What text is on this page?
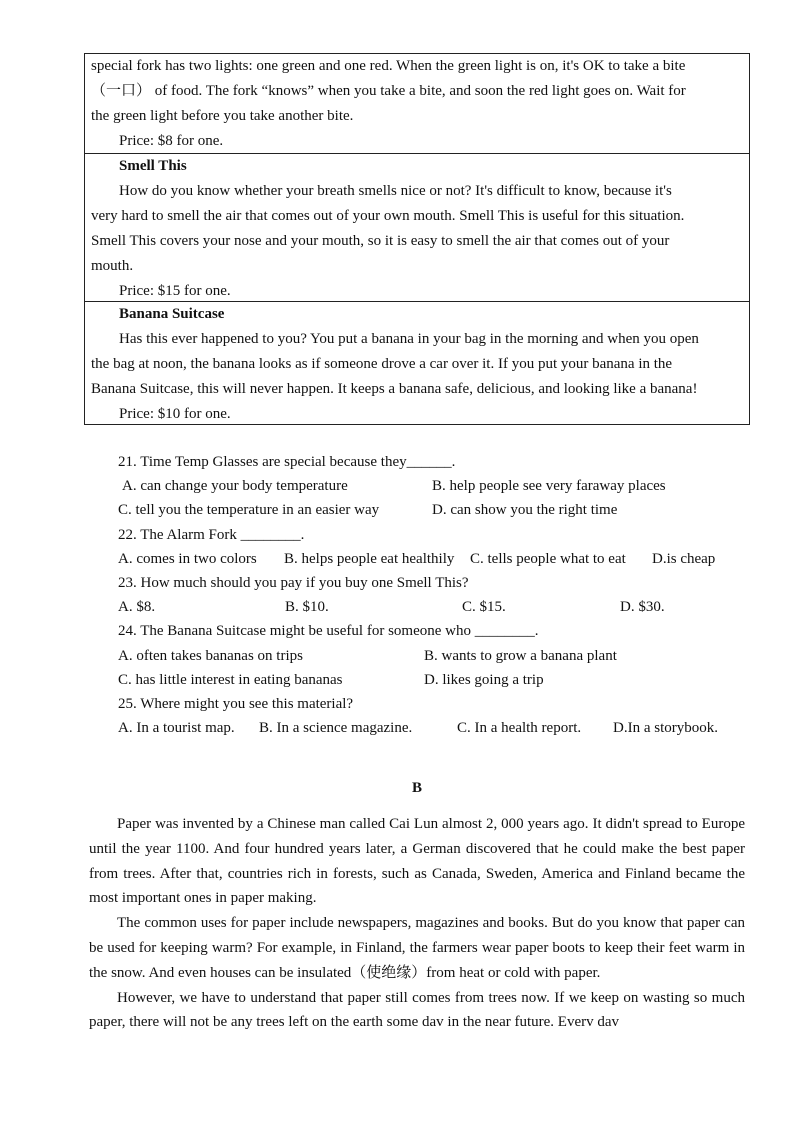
special fork has two lights: one green and one red. When the green light is on, it's OK to take a bite

（一口） of food. The fork “knows” when you take a bite, and soon the red light goes on. Wait for

the green light before you take another bite.

Price: $8 for one.

Smell This

How do you know whether your breath smells nice or not? It's difficult to know, because it's

very hard to smell the air that comes out of your own mouth. Smell This is useful for this situation.

Smell This covers your nose and your mouth, so it is easy to smell the air that comes out of your

mouth.

Price: $15 for one.

Banana Suitcase

Has this ever happened to you? You put a banana in your bag in the morning and when you open

the bag at noon, the banana looks as if someone drove a car over it. If you put your banana in the

Banana Suitcase, this will never happen. It keeps a banana safe, delicious, and looking like a banana!

Price: $10 for one.

21. Time Temp Glasses are special because they______.
A. can change your body temperature	B. help people see very faraway places
C. tell you the temperature in an easier way	D. can show you the right time
22. The Alarm Fork ________.
A. comes in two colors B. helps people eat healthily C. tells people what to eat D.is cheap
23. How much should you pay if you buy one Smell This?
A. $8.	B. $10.	C. $15.	D. $30.
24. The Banana Suitcase might be useful for someone who ________.
A. often takes bananas on trips	B. wants to grow a banana plant
C. has little interest in eating bananas	D. likes going a trip
25. Where might you see this material?
A. In a tourist map. B. In a science magazine.	C. In a health report. D.In a storybook.
B

Paper was invented by a Chinese man called Cai Lun almost 2, 000 years ago. It didn't spread to Europe until the year 1100. And four hundred years later, a German discovered that he could make the best paper from trees. After that, countries rich in forests, such as Canada, Sweden, America and Finland became the most important ones in paper making.

The common uses for paper include newspapers, magazines and books. But do you know that paper can be used for keeping warm? For example, in Finland, the farmers wear paper boots to keep their feet warm in the snow. And even houses can be insulated（使绝缘）from heat or cold with paper.

However, we have to understand that paper still comes from trees now. If we keep on wasting so much paper, there will not be any trees left on the earth some dav in the near future. Everv dav
